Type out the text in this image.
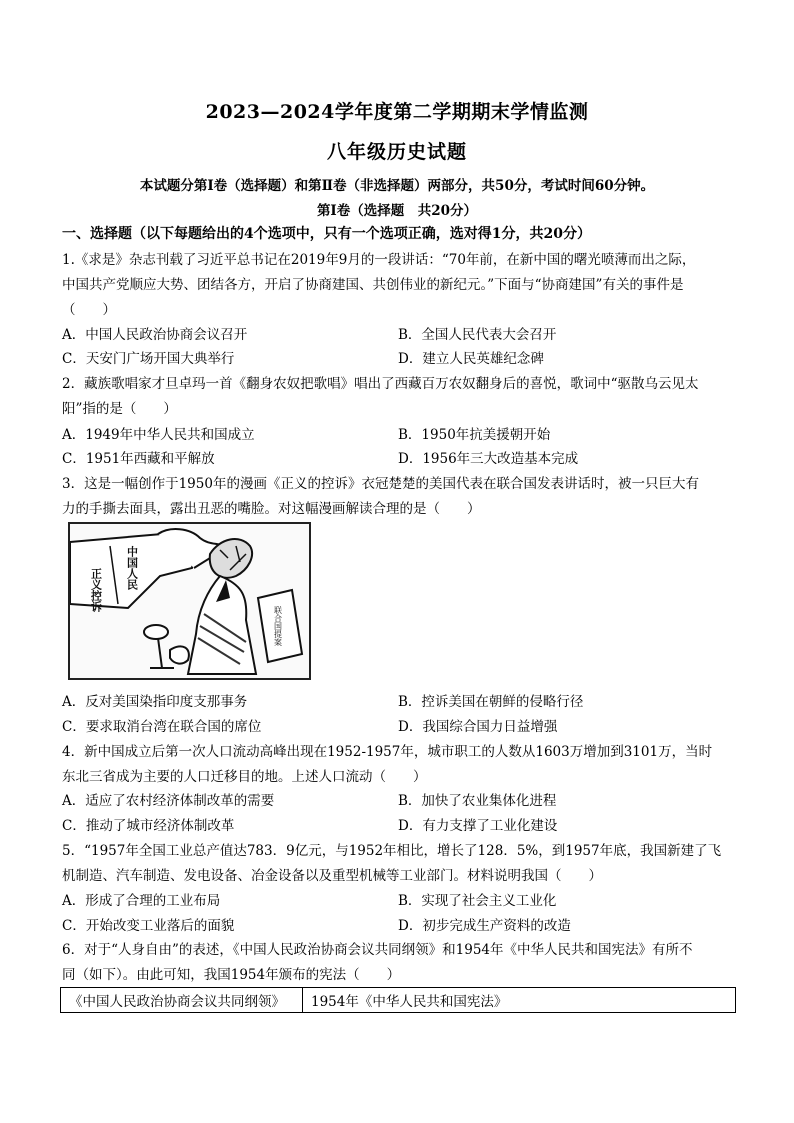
2023—2024学年度第二学期期末学情监测
八年级历史试题
本试题分第Ⅰ卷（选择题）和第Ⅱ卷（非选择题）两部分，共50分，考试时间60分钟。
第Ⅰ卷（选择题　共20分）
一、选择题（以下每题给出的4个选项中，只有一个选项正确，选对得1分，共20分）
1.《求是》杂志刊载了习近平总书记在2019年9月的一段讲话：“70年前，在新中国的曙光喷薄而出之际，
中国共产党顺应大势、团结各方，开启了协商建国、共创伟业的新纪元。”下面与“协商建国”有关的事件是
（　　）
A．中国人民政治协商会议召开	B．全国人民代表大会召开
C．天安门广场开国大典举行	D．建立人民英雄纪念碑
2．藏族歌唱家才旦卓玛一首《翻身农奴把歌唱》唱出了西藏百万农奴翻身后的喜悦，歌词中“驱散乌云见太
阳”指的是（　　）
A．1949年中华人民共和国成立	B．1950年抗美援朝开始
C．1951年西藏和平解放	D．1956年三大改造基本完成
3．这是一幅创作于1950年的漫画《正义的控诉》衣冠楚楚的美国代表在联合国发表讲话时，被一只巨大有
力的手撕去面具，露出丑恶的嘴脸。对这幅漫画解读合理的是（　　）
正义控诉 中国人民
联合国提案
A．反对美国染指印度支那事务	B．控诉美国在朝鲜的侵略行径
C．要求取消台湾在联合国的席位	D．我国综合国力日益增强
4．新中国成立后第一次人口流动高峰出现在1952-1957年，城市职工的人数从1603万增加到3101万，当时
东北三省成为主要的人口迁移目的地。上述人口流动（　　）
A．适应了农村经济体制改革的需要	B．加快了农业集体化进程
C．推动了城市经济体制改革	D．有力支撑了工业化建设
5．“1957年全国工业总产值达783．9亿元，与1952年相比，增长了128．5%，到1957年底，我国新建了飞
机制造、汽车制造、发电设备、冶金设备以及重型机械等工业部门。材料说明我国（　　）
A．形成了合理的工业布局	B．实现了社会主义工业化
C．开始改变工业落后的面貌	D．初步完成生产资料的改造
6．对于“人身自由”的表述，《中国人民政治协商会议共同纲领》和1954年《中华人民共和国宪法》有所不
同（如下）。由此可知，我国1954年颁布的宪法（　　）
《中国人民政治协商会议共同纲领》	1954年《中华人民共和国宪法》
